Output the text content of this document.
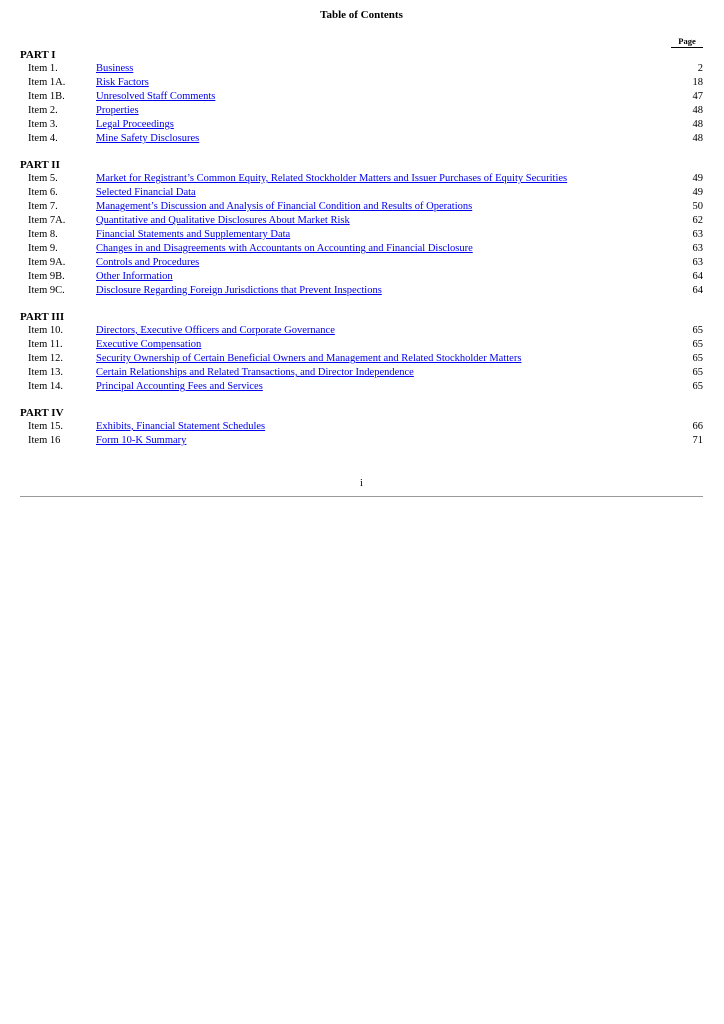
Table of Contents
Page
PART I
Item 1.	Business	2
Item 1A.	Risk Factors	18
Item 1B.	Unresolved Staff Comments	47
Item 2.	Properties	48
Item 3.	Legal Proceedings	48
Item 4.	Mine Safety Disclosures	48
PART II
Item 5.	Market for Registrant’s Common Equity, Related Stockholder Matters and Issuer Purchases of Equity Securities	49
Item 6.	Selected Financial Data	49
Item 7.	Management’s Discussion and Analysis of Financial Condition and Results of Operations	50
Item 7A.	Quantitative and Qualitative Disclosures About Market Risk	62
Item 8.	Financial Statements and Supplementary Data	63
Item 9.	Changes in and Disagreements with Accountants on Accounting and Financial Disclosure	63
Item 9A.	Controls and Procedures	63
Item 9B.	Other Information	64
Item 9C.	Disclosure Regarding Foreign Jurisdictions that Prevent Inspections	64
PART III
Item 10.	Directors, Executive Officers and Corporate Governance	65
Item 11.	Executive Compensation	65
Item 12.	Security Ownership of Certain Beneficial Owners and Management and Related Stockholder Matters	65
Item 13.	Certain Relationships and Related Transactions, and Director Independence	65
Item 14.	Principal Accounting Fees and Services	65
PART IV
Item 15.	Exhibits, Financial Statement Schedules	66
Item 16	Form 10-K Summary	71
i
